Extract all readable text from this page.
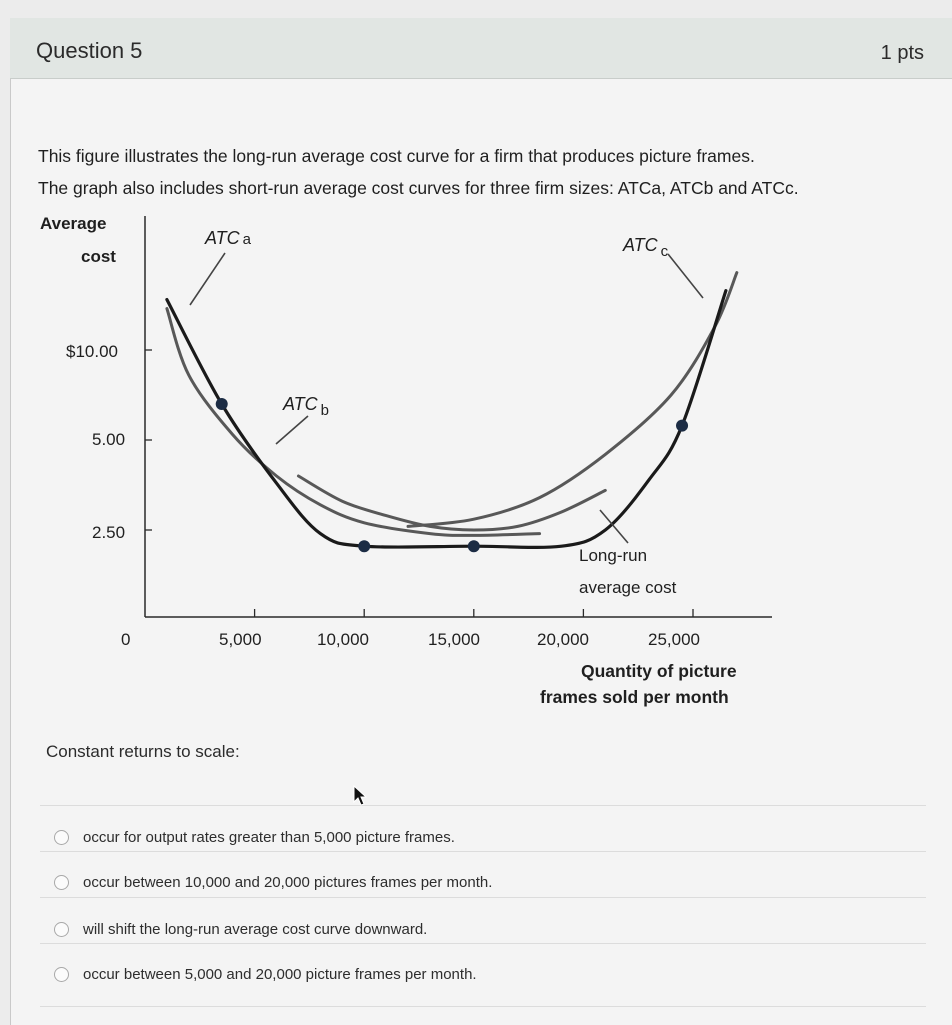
Question 5	1 pts

This figure illustrates the long-run average cost curve for a firm that produces picture frames.

The graph also includes short-run average cost curves for three firm sizes: ATCa, ATCb and ATCc.

Average
cost
$10.00
5.00
2.50
0	5,000	10,000	15,000	20,000	25,000
Quantity of picture
frames sold per month
ATC a
ATC $_b$
ATC $_c$
Long-run
average cost
Constant returns to scale:
occur for output rates greater than 5,000 picture frames.
occur between 10,000 and 20,000 pictures frames per month.
will shift the long-run average cost curve downward.
occur between 5,000 and 20,000 picture frames per month.
